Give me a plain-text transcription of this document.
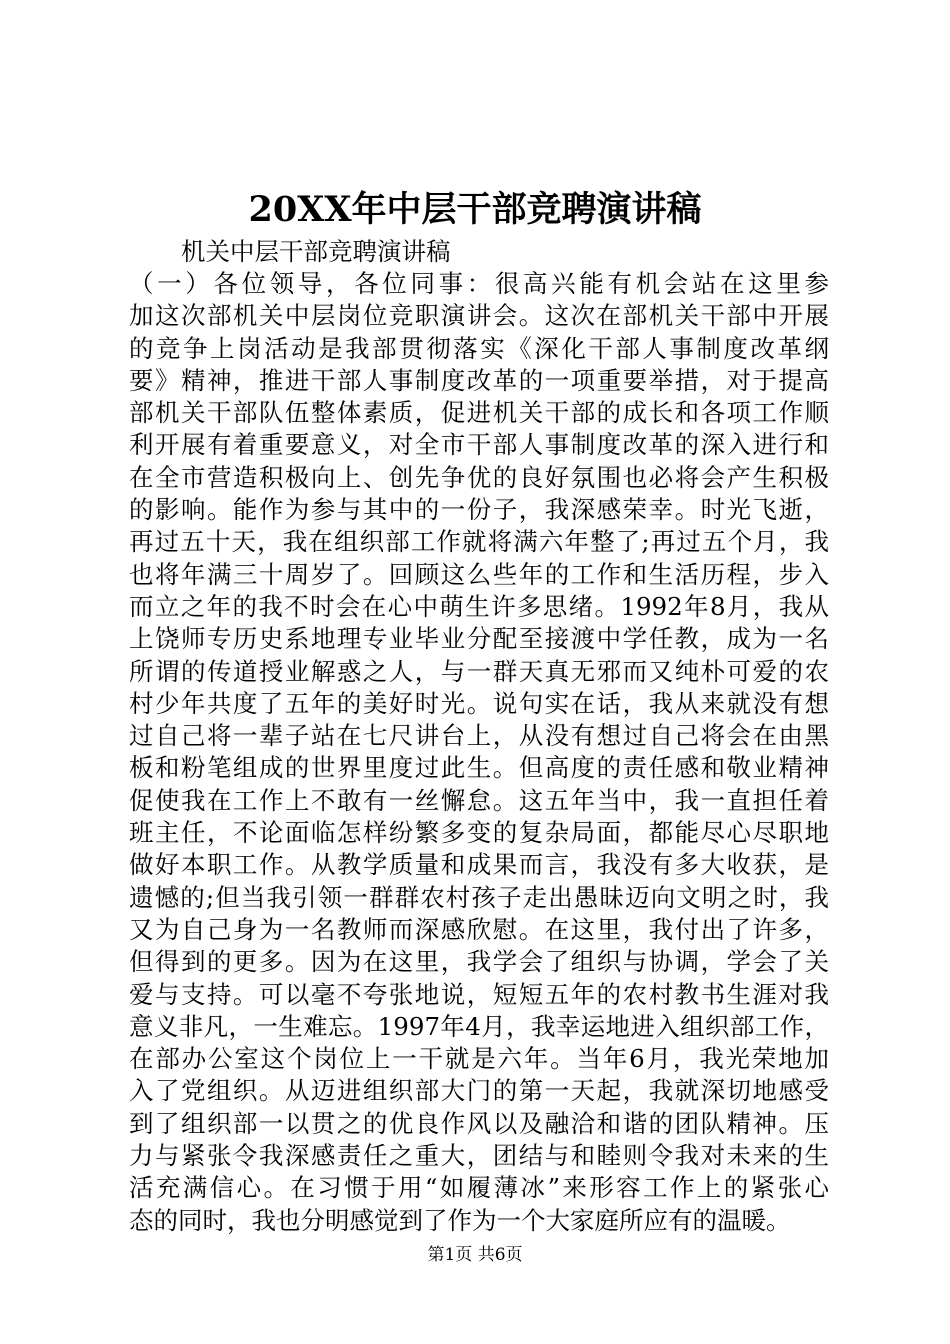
20XX年中层干部竞聘演讲稿
机关中层干部竞聘演讲稿
（一）各位领导，各位同事：很高兴能有机会站在这里参
加这次部机关中层岗位竞职演讲会。这次在部机关干部中开展
的竞争上岗活动是我部贯彻落实《深化干部人事制度改革纲
要》精神，推进干部人事制度改革的一项重要举措，对于提高
部机关干部队伍整体素质，促进机关干部的成长和各项工作顺
利开展有着重要意义，对全市干部人事制度改革的深入进行和
在全市营造积极向上、创先争优的良好氛围也必将会产生积极
的影响。能作为参与其中的一份子，我深感荣幸。时光飞逝，
再过五十天，我在组织部工作就将满六年整了;再过五个月，我
也将年满三十周岁了。回顾这么些年的工作和生活历程，步入
而立之年的我不时会在心中萌生许多思绪。1992年8月，我从
上饶师专历史系地理专业毕业分配至接渡中学任教，成为一名
所谓的传道授业解惑之人，与一群天真无邪而又纯朴可爱的农
村少年共度了五年的美好时光。说句实在话，我从来就没有想
过自己将一辈子站在七尺讲台上，从没有想过自己将会在由黑
板和粉笔组成的世界里度过此生。但高度的责任感和敬业精神
促使我在工作上不敢有一丝懈怠。这五年当中，我一直担任着
班主任，不论面临怎样纷繁多变的复杂局面，都能尽心尽职地
做好本职工作。从教学质量和成果而言，我没有多大收获，是
遗憾的;但当我引领一群群农村孩子走出愚昧迈向文明之时，我
又为自己身为一名教师而深感欣慰。在这里，我付出了许多，
但得到的更多。因为在这里，我学会了组织与协调，学会了关
爱与支持。可以毫不夸张地说，短短五年的农村教书生涯对我
意义非凡，一生难忘。1997年4月，我幸运地进入组织部工作，
在部办公室这个岗位上一干就是六年。当年6月，我光荣地加
入了党组织。从迈进组织部大门的第一天起，我就深切地感受
到了组织部一以贯之的优良作风以及融洽和谐的团队精神。压
力与紧张令我深感责任之重大，团结与和睦则令我对未来的生
活充满信心。在习惯于用“如履薄冰”来形容工作上的紧张心
态的同时，我也分明感觉到了作为一个大家庭所应有的温暖。
第1页 共6页
